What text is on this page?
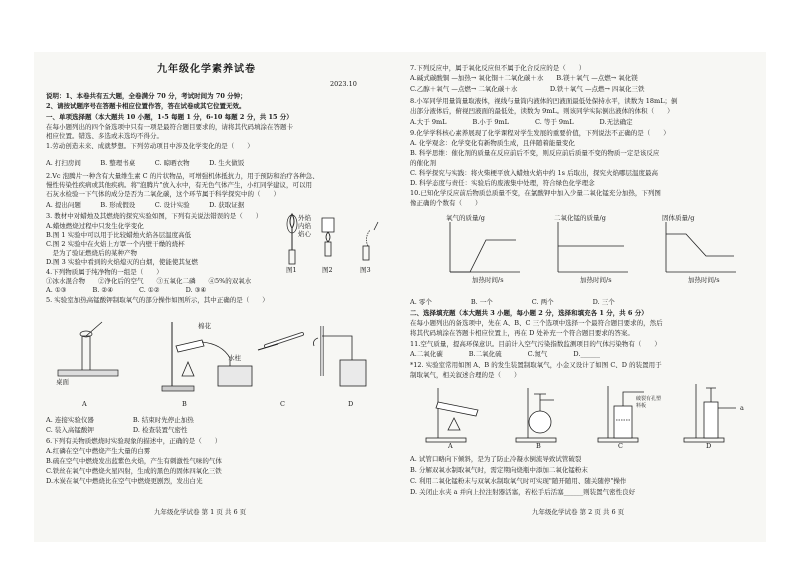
九年级化学素养试卷
2023.10
说明：1、本卷共有五大题，全卷满分 70 分，考试时间为 70 分钟；
2、请按试题序号在答题卡相应位置作答，答在试卷或其它位置无效。
一、单项选择题（本大题共 10 小题，1-5 每题 1 分，6-10 每题 2 分，共 15 分）
在每小题列出的四个备选项中只有一项是最符合题目要求的，请将其代码填涂在答题卡
相应位置。错选、多选或未选均不得分。
1.劳动创造未来、成就梦想。下列劳动项目中涉及化学变化的是（　　）
A. 打扫房间　　　B. 整理书桌　　　C. 晾晒衣物　　　D. 生火做饭
2.Vc 泡腾片一种含有大量维生素 C 的片状物品，可增强机体抵抗力，用于预防和治疗各种急、
慢性传染性疾病或其他疾病。将"泡腾片"放入水中，有无色气体产生，小红同学建议，可以用
石灰水检验一下气体的成分是否为二氧化碳，这个环节属于科学探究中的（　　）
A. 提出问题　　　B. 形成假设　　　C. 设计实验　　　D. 获取证据
3. 教材中对蜡烛及其燃烧的探究实验如图，下列有关说法错误的是（　　）
A.蜡烛燃烧过程中只发生化学变化
B.图 1 实验中可以用于比较蜡烛火焰各层温度高低
C.图 2 实验中在火焰上方罩一个内壁干燥的烧杯
　是为了验证燃烧后的某种产物
D.图 3 实验中看到的火焰熄灭的白烟，使能使其复燃
4.下列物质属于纯净物的一组是（　　）
①冰水混合物　　②净化后的空气　　③五氧化二磷　　④5%的双氧水
A. ①③　　　　B. ②④　　　　C. ①②　　　　D. ③④
5. 实验室加热高锰酸钾制取氧气的部分操作如图所示，其中正确的是（　　）
外焰
内焰
焰心
图1	图2	图3
桌面
棉花
水柱
A	B	C	D
A. 连接实验仪器　　　　　　B. 结束时先停止加热
C. 装入高锰酸钾　　　　　　D. 检查装置气密性
6.下列有关物质燃烧时实验现象的描述中，正确的是（　　）
A.红磷在空气中燃烧产生大量的白雾
B.硫在空气中燃烧发出蓝紫色火焰，产生有刺激性气味的气体
C.铁丝在氧气中燃烧火星四射，生成的黑色的固体四氧化三铁
D.木炭在氧气中燃烧比在空气中燃烧更剧烈，发出白光
九年级化学试卷 第 1 页 共 6 页
7.下列反应中，属于氧化反应但不属于化合反应的是（　　）
A.碱式碳酸铜 —加热→ 氧化铜＋二氧化碳＋水　　B.镁＋氧气 —点燃→ 氧化镁
C.乙醇＋氧气 —点燃→ 二氧化碳＋水　　　　　D.铁＋氧气 —点燃→ 四氧化三铁
8.小军同学用量筒量取液体，视线与量筒内液体的凹液面最低处保持水平，读数为 18mL；倒
出部分液体后，俯视凹液面的最低处，读数为 9mL。则该同学实际倒出液体的体积（　　）
A.大于 9mL　　　　B.小于 9mL　　　　C. 等于 9mL　　　　D.无法确定
9.化学学科核心素养展现了化学课程对学生发展的重要价值，下列说法不正确的是（　　）
A. 化学观念：化学变化有新物质生成，且伴随着能量变化
B. 科学思维：催化剂的质量在反应前后不变，则反应前后质量不变的物质一定是该反应
的催化剂
C. 科学探究与实践：将火柴梗平放入蜡烛火焰中约 1s 后取出，探究火焰哪层温度最高
D. 科学态度与责任：实验后的废液集中处理，符合绿色化学理念
10.已知化学反应前后物质总质量不变，在氯酸钾中加入少量二氧化锰充分加热，下列图
像正确的个数有（　　）
氧气的质量/g
加热时间/s
二氧化锰的质量/g
加热时间/s
固体质量/g
加热时间/s
A. 零个　　　　　　B. 一个　　　　　　C. 两个　　　　　　D. 三个
二、选择填充题（本大题共 3 小题，每小题 2 分，选择和填充各 1 分，共 6 分）
在每小题列出的备选项中，先在 A、B、C 三个选项中选择一个最符合题目要求的，然后
将其代码填涂在答题卡相应位置上，再在 D 处补充一个符合题目要求的答案。
11.空气质量，提高环保意识。目前计入空气污染指数监测项目的气体污染物有（　　）
A.二氧化碳　　　　B.二氧化硫　　　　C.氮气　　　　D.______
*12. 实验室常用如图 A、B 的发生装置制取氧气，小金又设计了如图 C、D 的装置用于
制取氧气，相关叙述合理的是（　　）
A	B	C	D
破裂有孔塑料板	a
A. 试管口略向下倾斜，是为了防止冷凝水倒流导致试管破裂
B. 分解双氧水制取氧气时，需定期向烧瓶中添加二氧化锰粉末
C. 利用二氧化锰粉末与双氧水制取氧气时可实现"随开随用、随关随停"操作
D. 关闭止水夹 a 并向上拉注射器活塞，若松手后活塞______则装置气密性良好
九年级化学试卷 第 2 页 共 6 页
